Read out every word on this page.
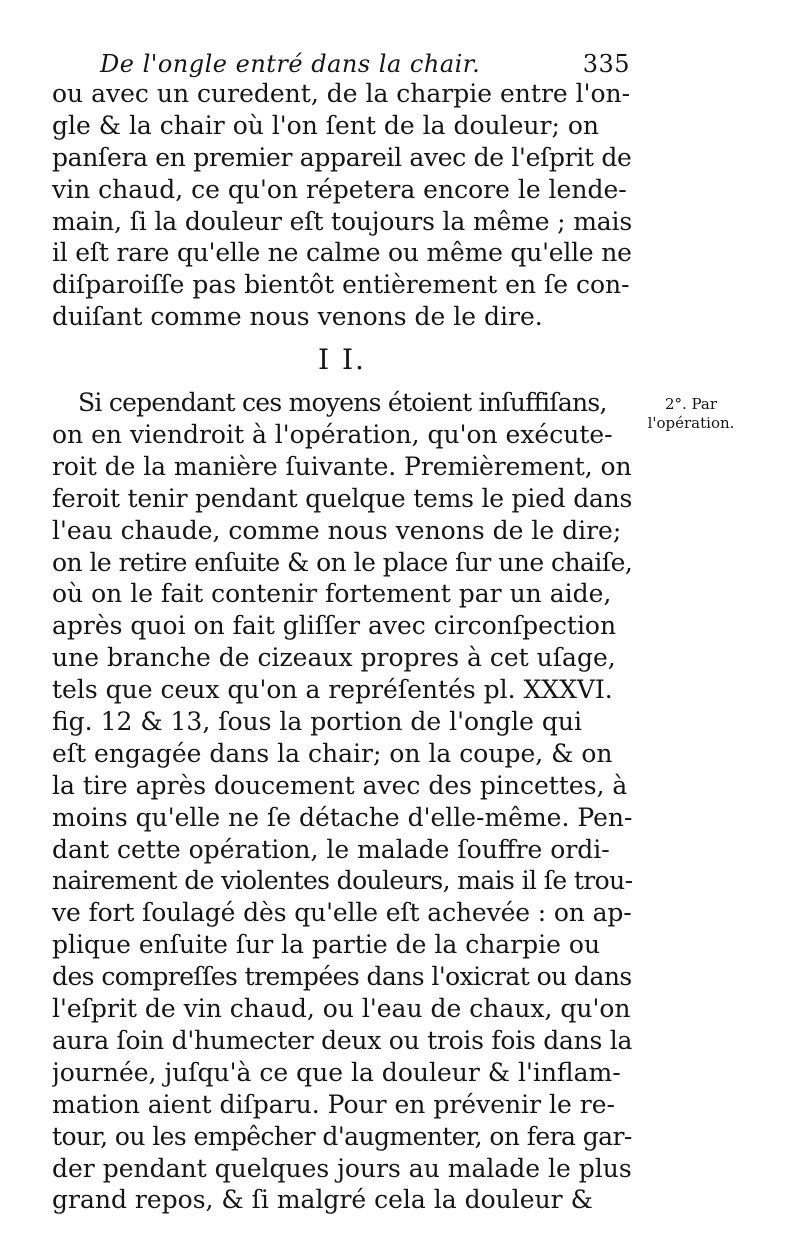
De l'ongle entré dans la chair.	335
ou avec un curedent, de la charpie entre l'on-
gle & la chair où l'on ſent de la douleur; on
panſera en premier appareil avec de l'eſprit de
vin chaud, ce qu'on répetera encore le lende-
main, ſi la douleur eſt toujours la même ; mais
il eſt rare qu'elle ne calme ou même qu'elle ne
diſparoiſſe pas bientôt entièrement en ſe con-
duiſant comme nous venons de le dire.
I I.
Si cependant ces moyens étoient inſuffiſans,
on en viendroit à l'opération, qu'on exécute-
roit de la manière ſuivante. Premièrement, on
feroit tenir pendant quelque tems le pied dans
l'eau chaude, comme nous venons de le dire;
on le retire enſuite & on le place ſur une chaiſe,
où on le fait contenir fortement par un aide,
après quoi on fait gliſſer avec circonſpection
une branche de cizeaux propres à cet uſage,
tels que ceux qu'on a repréſentés pl. XXXVI.
fig. 12 & 13, ſous la portion de l'ongle qui
eſt engagée dans la chair; on la coupe, & on
la tire après doucement avec des pincettes, à
moins qu'elle ne ſe détache d'elle-même. Pen-
dant cette opération, le malade ſouffre ordi-
nairement de violentes douleurs, mais il ſe trou-
ve fort ſoulagé dès qu'elle eſt achevée : on ap-
plique enſuite ſur la partie de la charpie ou
des compreſſes trempées dans l'oxicrat ou dans
l'eſprit de vin chaud, ou l'eau de chaux, qu'on
aura ſoin d'humecter deux ou trois fois dans la
journée, juſqu'à ce que la douleur & l'inflam-
mation aient diſparu. Pour en prévenir le re-
tour, ou les empêcher d'augmenter, on fera gar-
der pendant quelques jours au malade le plus
grand repos, & ſi malgré cela la douleur &
2°. Par l'opération.
